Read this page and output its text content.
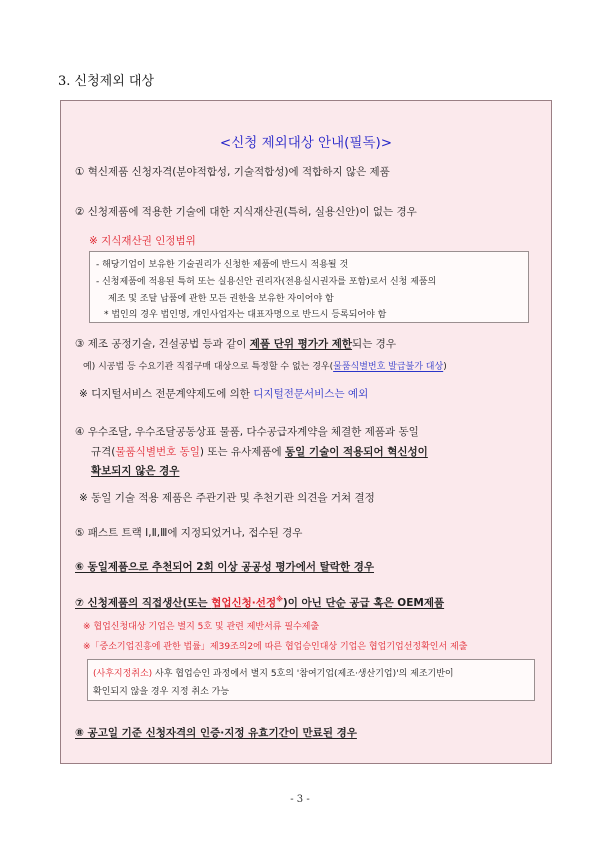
3. 신청제외 대상
<신청 제외대상 안내(필독)>
① 혁신제품 신청자격(분야적합성, 기술적합성)에 적합하지 않은 제품
② 신청제품에 적용한 기술에 대한 지식재산권(특허, 실용신안)이 없는 경우
※ 지식재산권 인정범위
- 해당기업이 보유한 기술권리가 신청한 제품에 반드시 적용될 것
- 신청제품에 적용된 특허 또는 실용신안 권리자(전용실시권자를 포함)로서 신청 제품의
제조 및 조달 납품에 관한 모든 권한을 보유한 자이어야 함
* 법인의 경우 법인명, 개인사업자는 대표자명으로 반드시 등록되어야 함
③ 제조 공정기술, 건설공법 등과 같이 제품 단위 평가가 제한되는 경우
예) 시공법 등 수요기관 직접구매 대상으로 특정할 수 없는 경우(물품식별번호 발급불가 대상)
※ 디지털서비스 전문계약제도에 의한 디지털전문서비스는 예외
④ 우수조달, 우수조달공동상표 물품, 다수공급자계약을 체결한 제품과 동일
규격(물품식별번호 동일) 또는 유사제품에 동일 기술이 적용되어 혁신성이
확보되지 않은 경우
※ 동일 기술 적용 제품은 주관기관 및 추천기관 의견을 거쳐 결정
⑤ 패스트 트랙 Ⅰ,Ⅱ,Ⅲ에 지정되었거나, 접수된 경우
⑥ 동일제품으로 추천되어 2회 이상 공공성 평가에서 탈락한 경우
⑦ 신청제품의 직접생산(또는 협업신청·선정※)이 아닌 단순 공급 혹은 OEM제품
※ 협업신청대상 기업은 별지 5호 및 관련 제반서류 필수제출
※「중소기업진흥에 관한 법률」제39조의2에 따른 협업승인대상 기업은 협업기업선정확인서 제출
(사후지정취소) 사후 협업승인 과정에서 별지 5호의 '참여기업(제조·생산기업)'의 제조기반이
확인되지 않을 경우 지정 취소 가능
⑧ 공고일 기준 신청자격의 인증·지정 유효기간이 만료된 경우
- 3 -
